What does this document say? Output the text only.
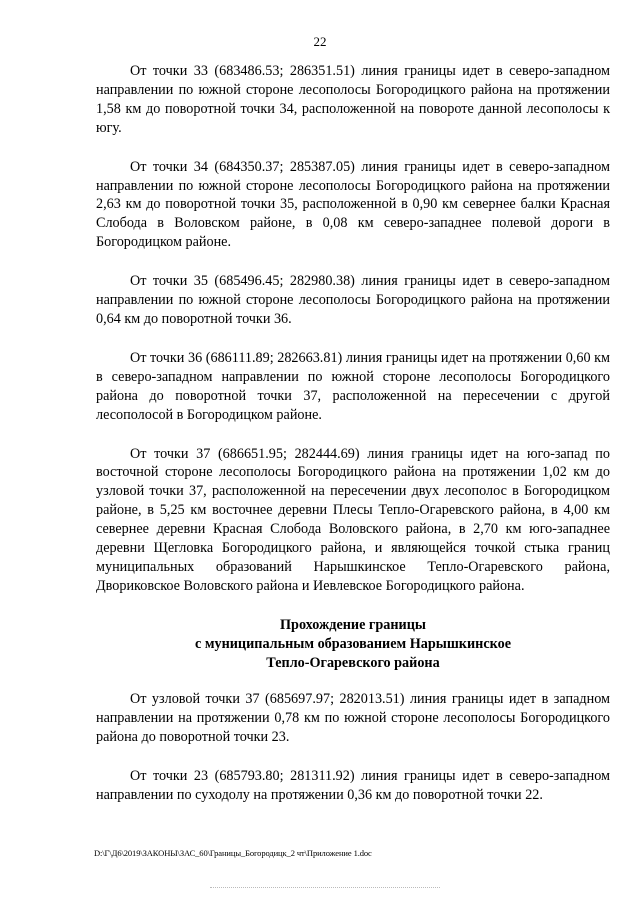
22

От точки 33 (683486.53; 286351.51) линия границы идет в северо-западном направлении по южной стороне лесополосы Богородицкого района на протяжении 1,58 км до поворотной точки 34, расположенной на повороте данной лесополосы к югу.

От точки 34 (684350.37; 285387.05) линия границы идет в северо-западном направлении по южной стороне лесополосы Богородицкого района на протяжении 2,63 км до поворотной точки 35, расположенной в 0,90 км севернее балки Красная Слобода в Воловском районе, в 0,08 км северо-западнее полевой дороги в Богородицком районе.

От точки 35 (685496.45; 282980.38) линия границы идет в северо-западном направлении по южной стороне лесополосы Богородицкого района на протяжении 0,64 км до поворотной точки 36.

От точки 36 (686111.89; 282663.81) линия границы идет на протяжении 0,60 км в северо-западном направлении по южной стороне лесополосы Богородицкого района до поворотной точки 37, расположенной на пересечении с другой лесополосой в Богородицком районе.

От точки 37 (686651.95; 282444.69) линия границы идет на юго-запад по восточной стороне лесополосы Богородицкого района на протяжении 1,02 км до узловой точки 37, расположенной на пересечении двух лесополос в Богородицком районе, в 5,25 км восточнее деревни Плесы Тепло-Огаревского района, в 4,00 км севернее деревни Красная Слобода Воловского района, в 2,70 км юго-западнее деревни Щегловка Богородицкого района, и являющейся точкой стыка границ муниципальных образований Нарышкинское Тепло-Огаревского района, Двориковское Воловского района и Иевлевское Богородицкого района.

Прохождение границы
с муниципальным образованием Нарышкинское
Тепло-Огаревского района

От узловой точки 37 (685697.97; 282013.51) линия границы идет в западном направлении на протяжении 0,78 км по южной стороне лесополосы Богородицкого района до поворотной точки 23.

От точки 23 (685793.80; 281311.92) линия границы идет в северо-западном направлении по суходолу на протяжении 0,36 км до поворотной точки 22.

D:\Г\Д6\2019\ЗАКОНЫ\ЗАС_60\Границы_Богородицк_2 чт\Приложение 1.doc
